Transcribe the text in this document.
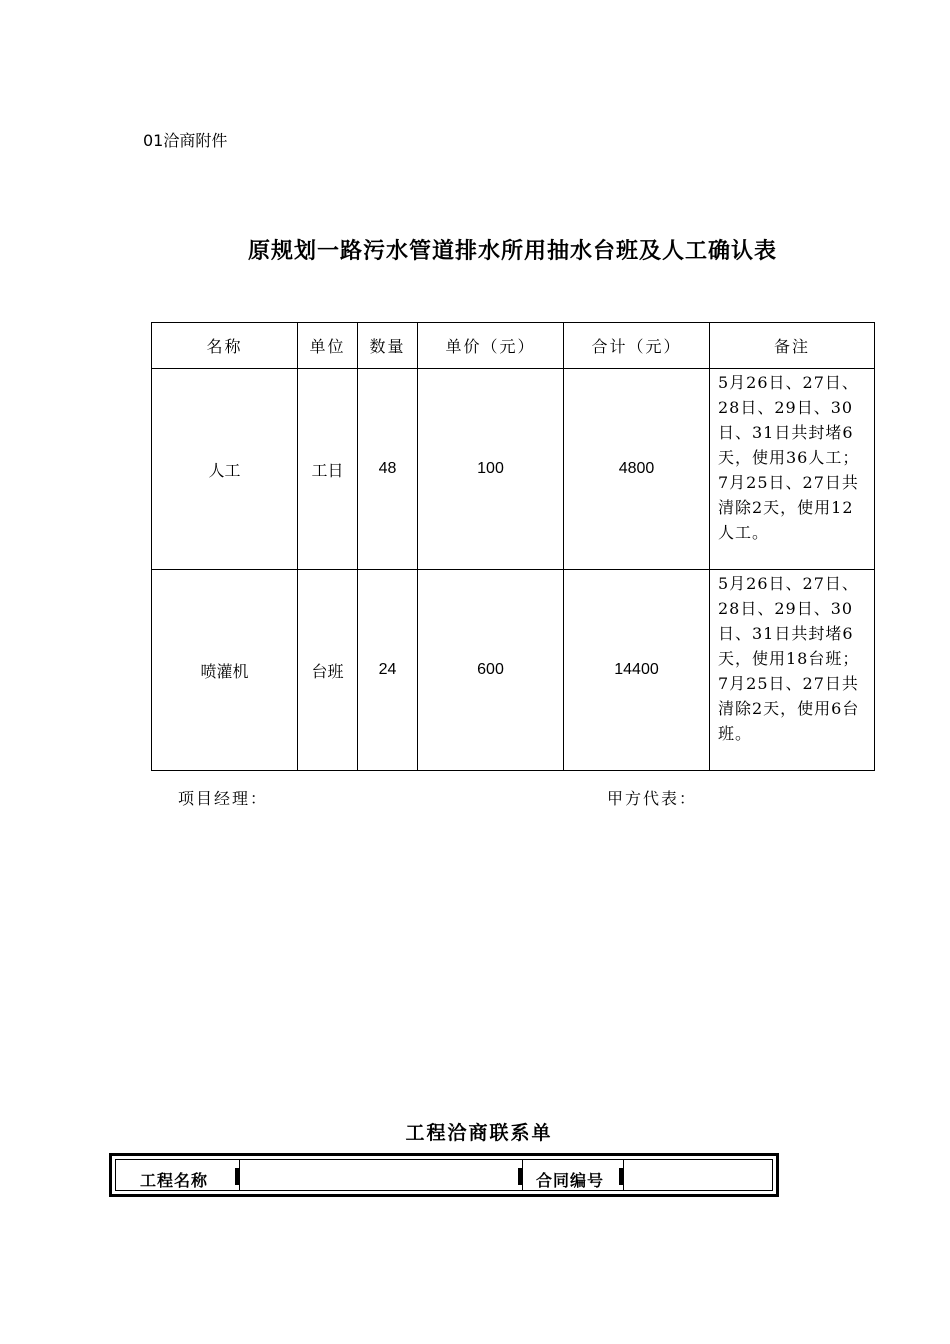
01洽商附件
原规划一路污水管道排水所用抽水台班及人工确认表
名称	单位	数量	单价（元）	合计（元）	备注
人工	工日	48	100	4800	5月26日、27日、28日、29日、30日、31日共封堵6天，使用36人工；7月25日、27日共清除2天，使用12人工。
喷灌机	台班	24	600	14400	5月26日、27日、28日、29日、30日、31日共封堵6天，使用18台班；7月25日、27日共清除2天，使用6台班。
项目经理：	甲方代表：
工程洽商联系单
工程名称	合同编号
